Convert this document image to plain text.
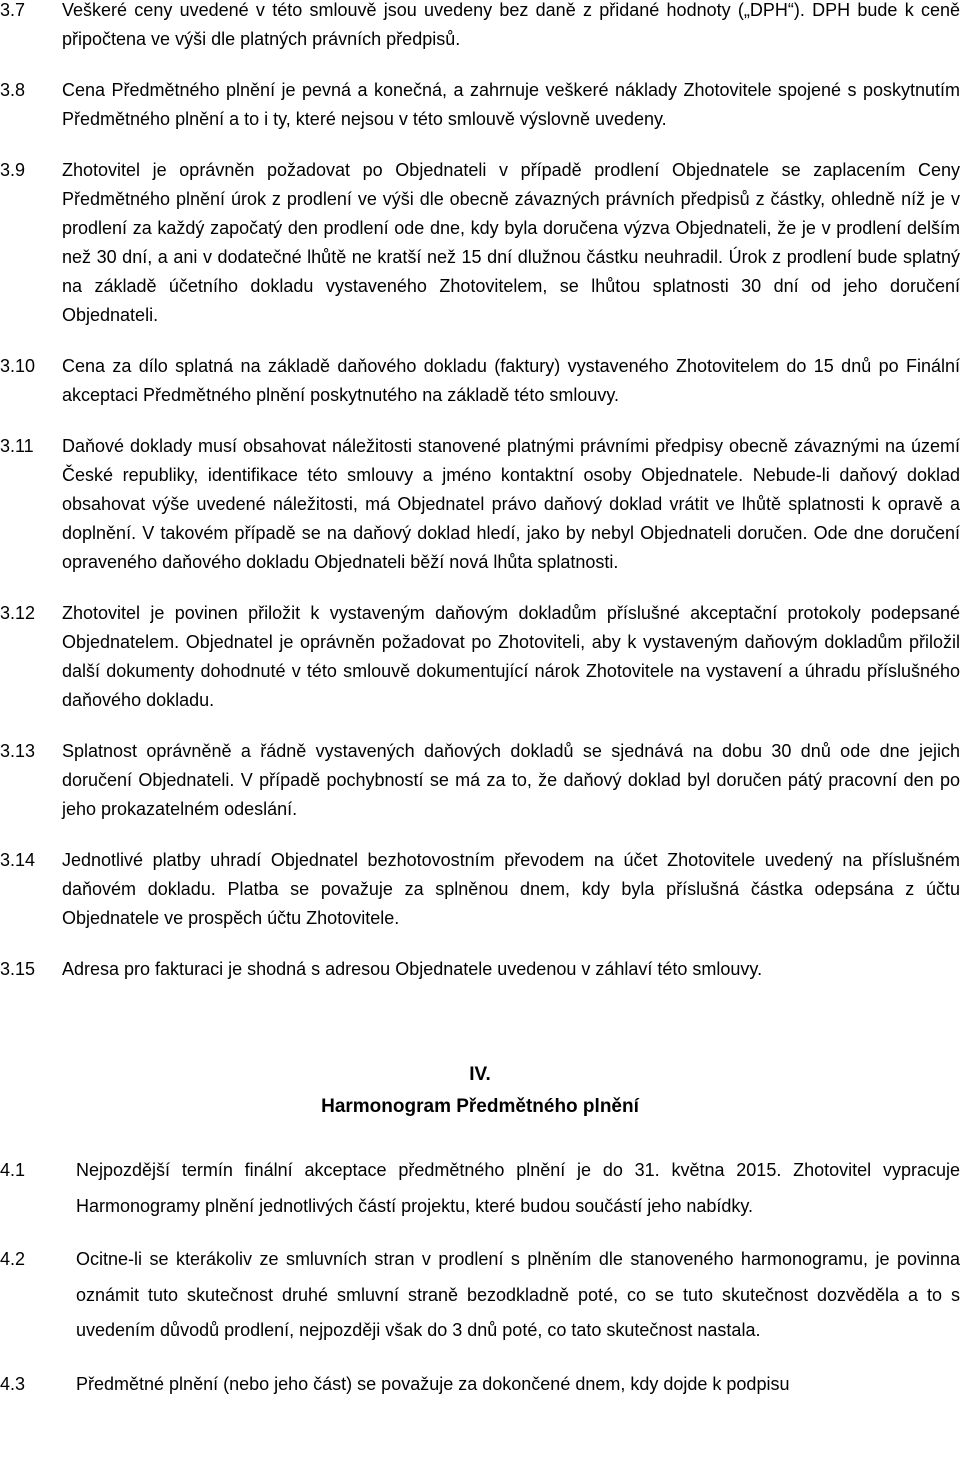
3.7 Veškeré ceny uvedené v této smlouvě jsou uvedeny bez daně z přidané hodnoty („DPH“). DPH bude k ceně připočtena ve výši dle platných právních předpisů.
3.8 Cena Předmětného plnění je pevná a konečná, a zahrnuje veškeré náklady Zhotovitele spojené s poskytnutím Předmětného plnění a to i ty, které nejsou v této smlouvě výslovně uvedeny.
3.9 Zhotovitel je oprávněn požadovat po Objednateli v případě prodlení Objednatele se zaplacením Ceny Předmětného plnění úrok z prodlení ve výši dle obecně závazných právních předpisů z částky, ohledně níž je v prodlení za každý započatý den prodlení ode dne, kdy byla doručena výzva Objednateli, že je v prodlení delším než 30 dní, a ani v dodatečné lhůtě ne kratší než 15 dní dlužnou částku neuhradil. Úrok z prodlení bude splatný na základě účetního dokladu vystaveného Zhotovitelem, se lhůtou splatnosti 30 dní od jeho doručení Objednateli.
3.10 Cena za dílo splatná na základě daňového dokladu (faktury) vystaveného Zhotovitelem do 15 dnů po Finální akceptaci Předmětného plnění poskytnutého na základě této smlouvy.
3.11 Daňové doklady musí obsahovat náležitosti stanovené platnými právními předpisy obecně závaznými na území České republiky, identifikace této smlouvy a jméno kontaktní osoby Objednatele. Nebude-li daňový doklad obsahovat výše uvedené náležitosti, má Objednatel právo daňový doklad vrátit ve lhůtě splatnosti k opravě a doplnění. V takovém případě se na daňový doklad hledí, jako by nebyl Objednateli doručen. Ode dne doručení opraveného daňového dokladu Objednateli běží nová lhůta splatnosti.
3.12 Zhotovitel je povinen přiložit k vystaveným daňovým dokladům příslušné akceptační protokoly podepsané Objednatelem. Objednatel je oprávněn požadovat po Zhotoviteli, aby k vystaveným daňovým dokladům přiložil další dokumenty dohodnuté v této smlouvě dokumentující nárok Zhotovitele na vystavení a úhradu příslušného daňového dokladu.
3.13 Splatnost oprávněně a řádně vystavených daňových dokladů se sjednává na dobu 30 dnů ode dne jejich doručení Objednateli. V případě pochybností se má za to, že daňový doklad byl doručen pátý pracovní den po jeho prokazatelném odeslání.
3.14 Jednotlivé platby uhradí Objednatel bezhotovostním převodem na účet Zhotovitele uvedený na příslušném daňovém dokladu. Platba se považuje za splněnou dnem, kdy byla příslušná částka odepsána z účtu Objednatele ve prospěch účtu Zhotovitele.
3.15 Adresa pro fakturaci je shodná s adresou Objednatele uvedenou v záhlaví této smlouvy.
IV.
Harmonogram Předmětného plnění
4.1	Nejpozdější termín finální akceptace předmětného plnění je do 31. května 2015. Zhotovitel vypracuje Harmonogramy plnění jednotlivých částí projektu, které budou součástí jeho nabídky.
4.2	Ocitne-li se kterákoliv ze smluvních stran v prodlení s plněním dle stanoveného harmonogramu, je povinna oznámit tuto skutečnost druhé smluvní straně bezodkladně poté, co se tuto skutečnost dozvěděla a to s uvedením důvodů prodlení, nejpozději však do 3 dnů poté, co tato skutečnost nastala.
4.3	Předmětné plnění (nebo jeho část) se považuje za dokončené dnem, kdy dojde k podpisu
